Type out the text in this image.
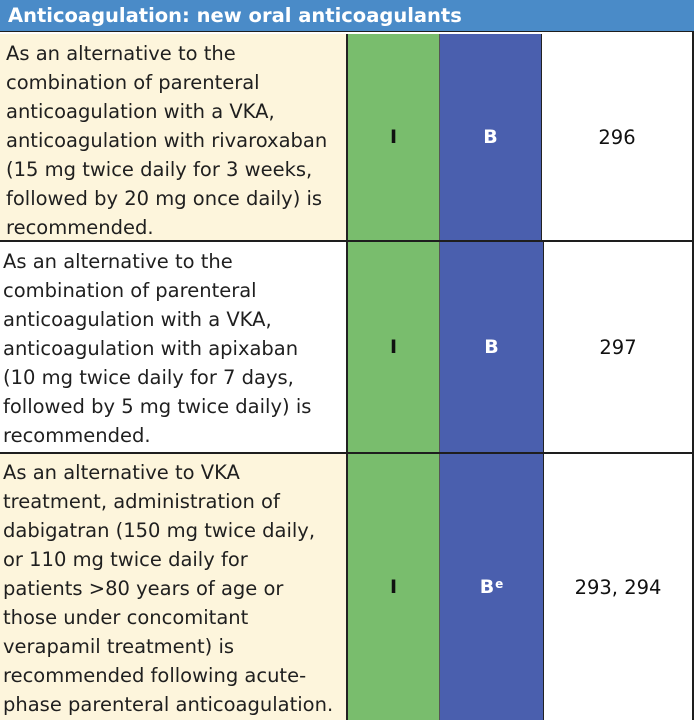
Anticoagulation: new oral anticoagulants
As an alternative to the
combination of parenteral
anticoagulation with a VKA,
anticoagulation with rivaroxaban
(15 mg twice daily for 3 weeks,
followed by 20 mg once daily) is
recommended.
I	B	296
As an alternative to the
combination of parenteral
anticoagulation with a VKA,
anticoagulation with apixaban
(10 mg twice daily for 7 days,
followed by 5 mg twice daily) is
recommended.
I	B	297
As an alternative to VKA
treatment, administration of
dabigatran (150 mg twice daily,
or 110 mg twice daily for
patients >80 years of age or
those under concomitant
verapamil treatment) is
recommended following acute-
phase parenteral anticoagulation.
I	$B^e$	293, 294
